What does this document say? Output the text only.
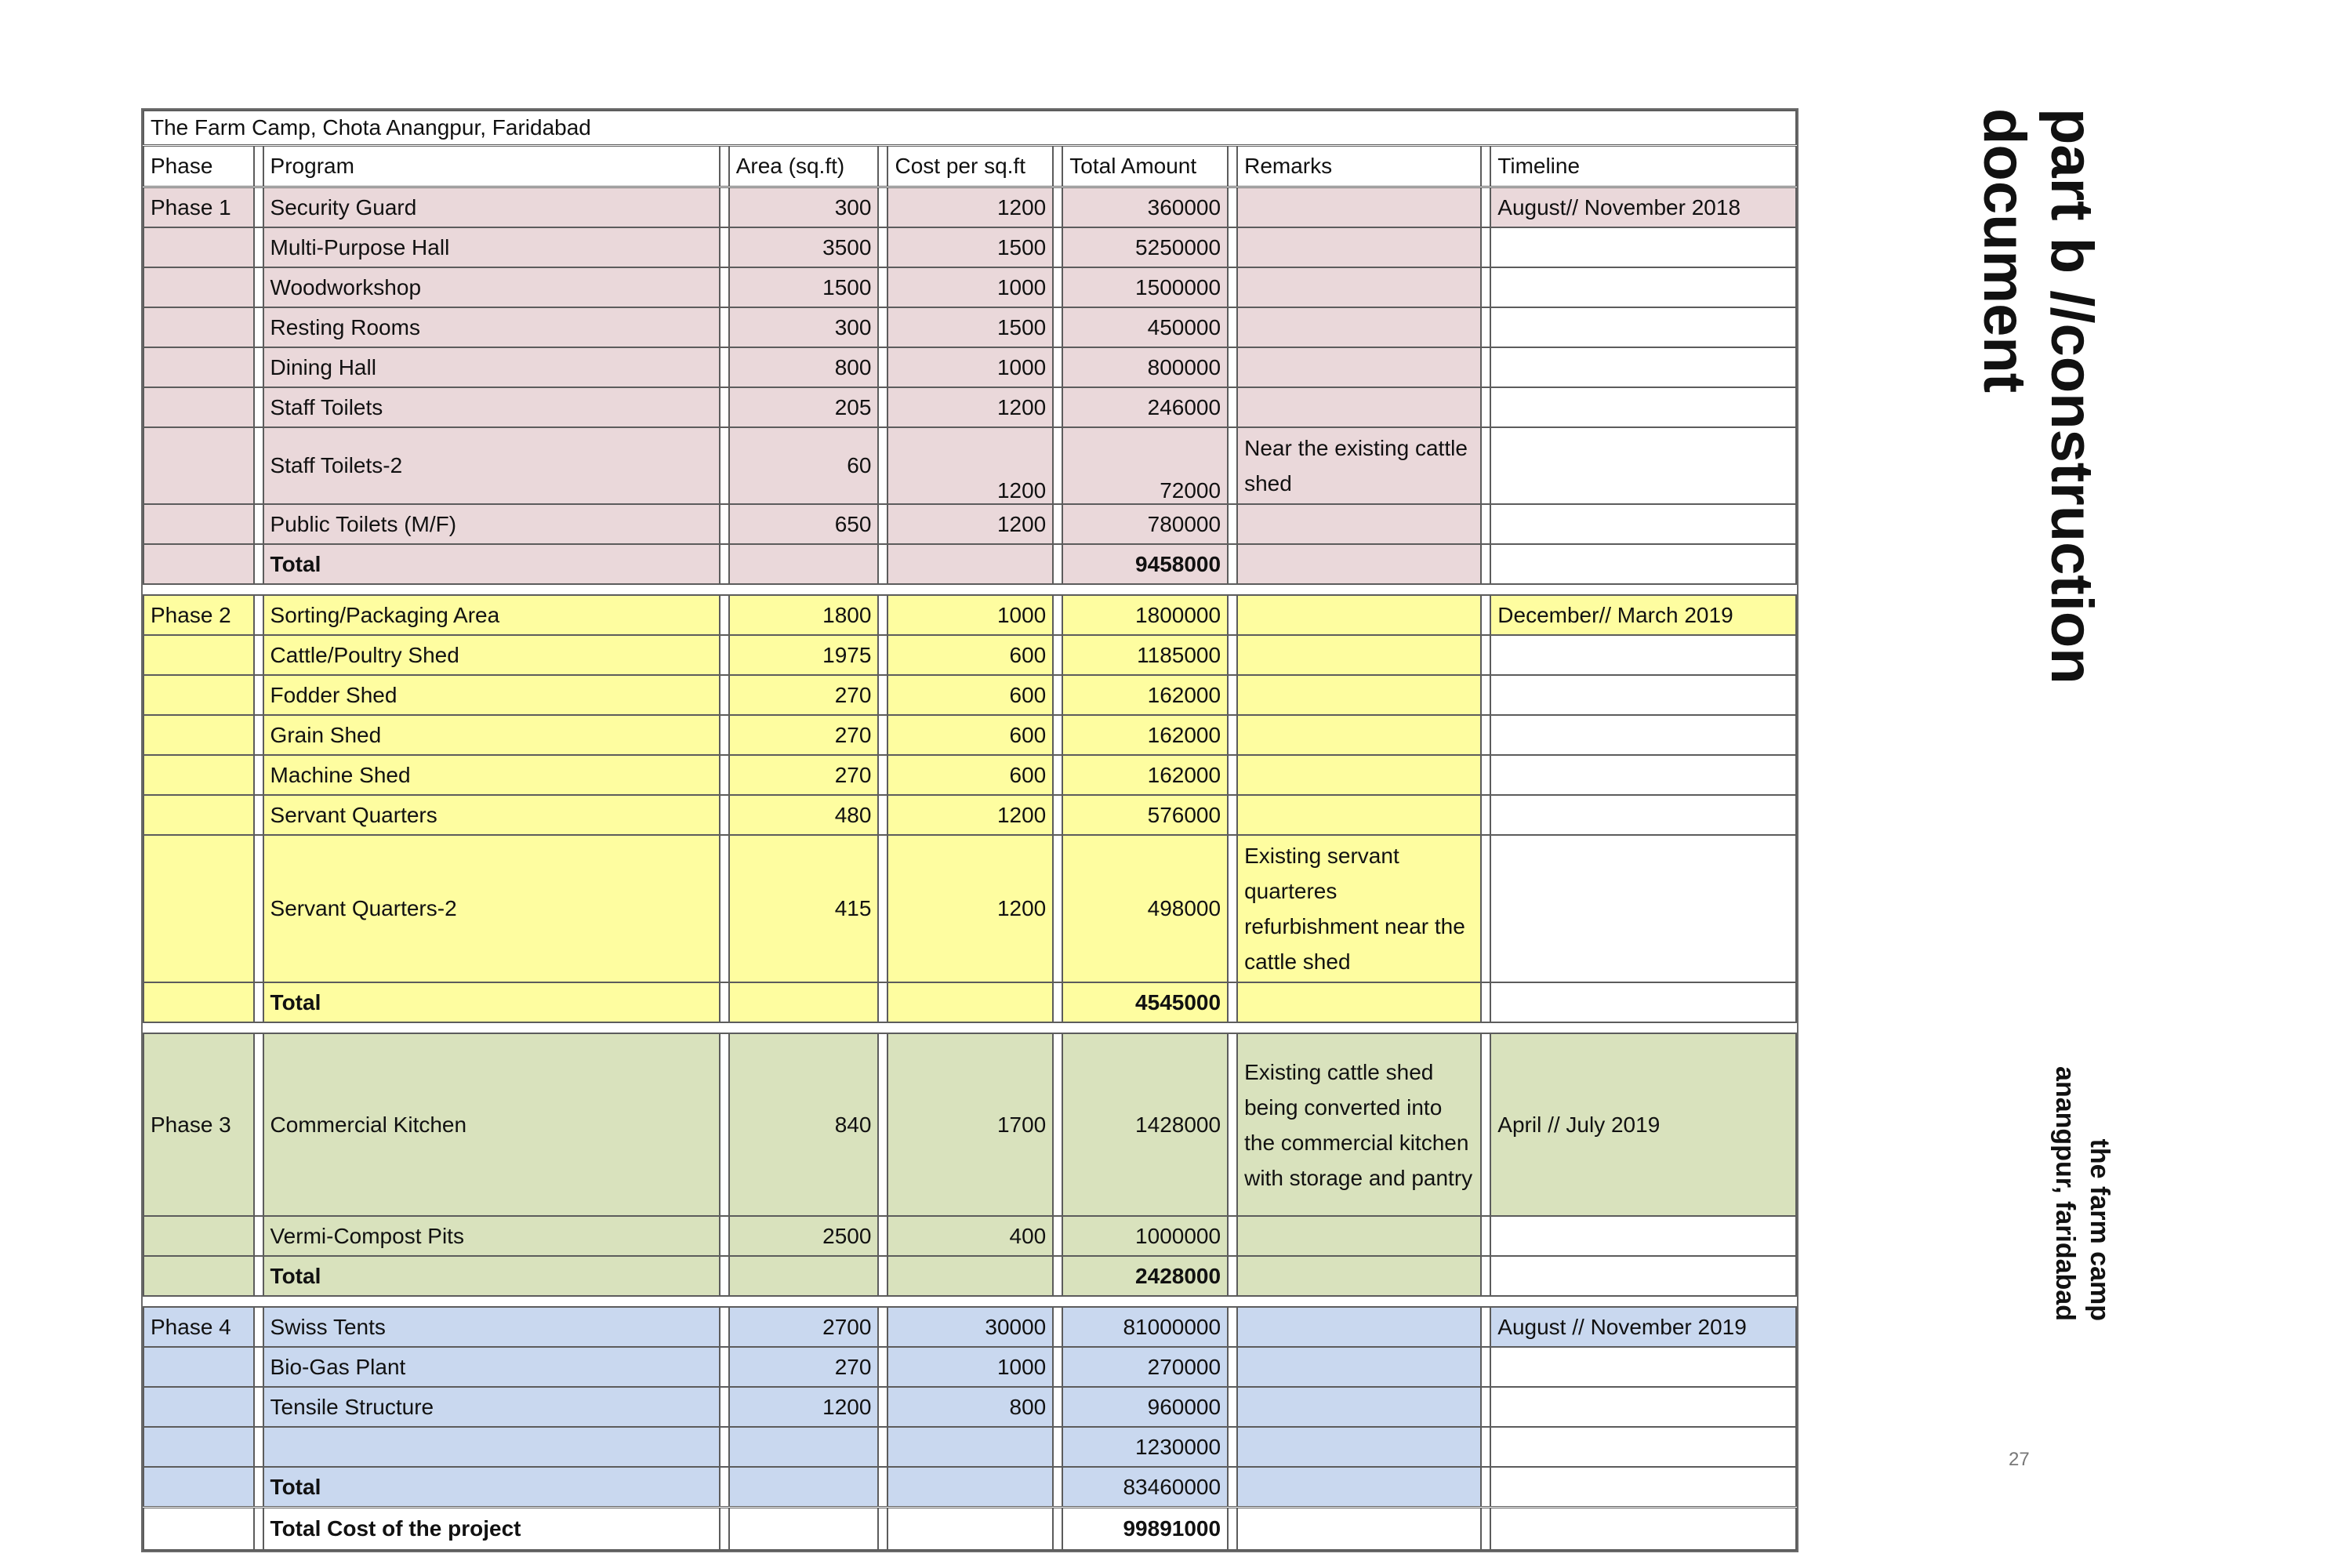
The Farm Camp, Chota Anangpur, Faridabad												
Phase		Program		Area (sq.ft)		Cost per sq.ft		Total Amount		Remarks		Timeline
Phase 1		Security Guard		300		1200		360000				August// November 2018
		Multi-Purpose Hall		3500		1500		5250000				
		Woodworkshop		1500		1000		1500000				
		Resting Rooms		300		1500		450000				
		Dining Hall		800		1000		800000				
		Staff Toilets		205		1200		246000				
		Staff Toilets-2		60		1200		72000		Near the existing cattle shed		
		Public Toilets (M/F)		650		1200		780000				
		Total						9458000				

Phase 2		Sorting/Packaging Area		1800		1000		1800000				December// March 2019
		Cattle/Poultry Shed		1975		600		1185000				
		Fodder Shed		270		600		162000				
		Grain Shed		270		600		162000				
		Machine Shed		270		600		162000				
		Servant Quarters		480		1200		576000				
		Servant Quarters-2		415		1200		498000		Existing servant quarteres refurbishment near the cattle shed		
		Total						4545000				

Phase 3		Commercial Kitchen		840		1700		1428000		Existing cattle shed being converted into the commercial kitchen with storage and pantry		April // July 2019
		Vermi-Compost Pits		2500		400		1000000				
		Total						2428000				

Phase 4		Swiss Tents		2700		30000		81000000				August // November 2019
		Bio-Gas Plant		270		1000		270000				
		Tensile Structure		1200		800		960000				
								1230000				
		Total						83460000				
		Total Cost of the project						99891000				
part b //construction document
the farm camp
anangpur, faridabad
27
